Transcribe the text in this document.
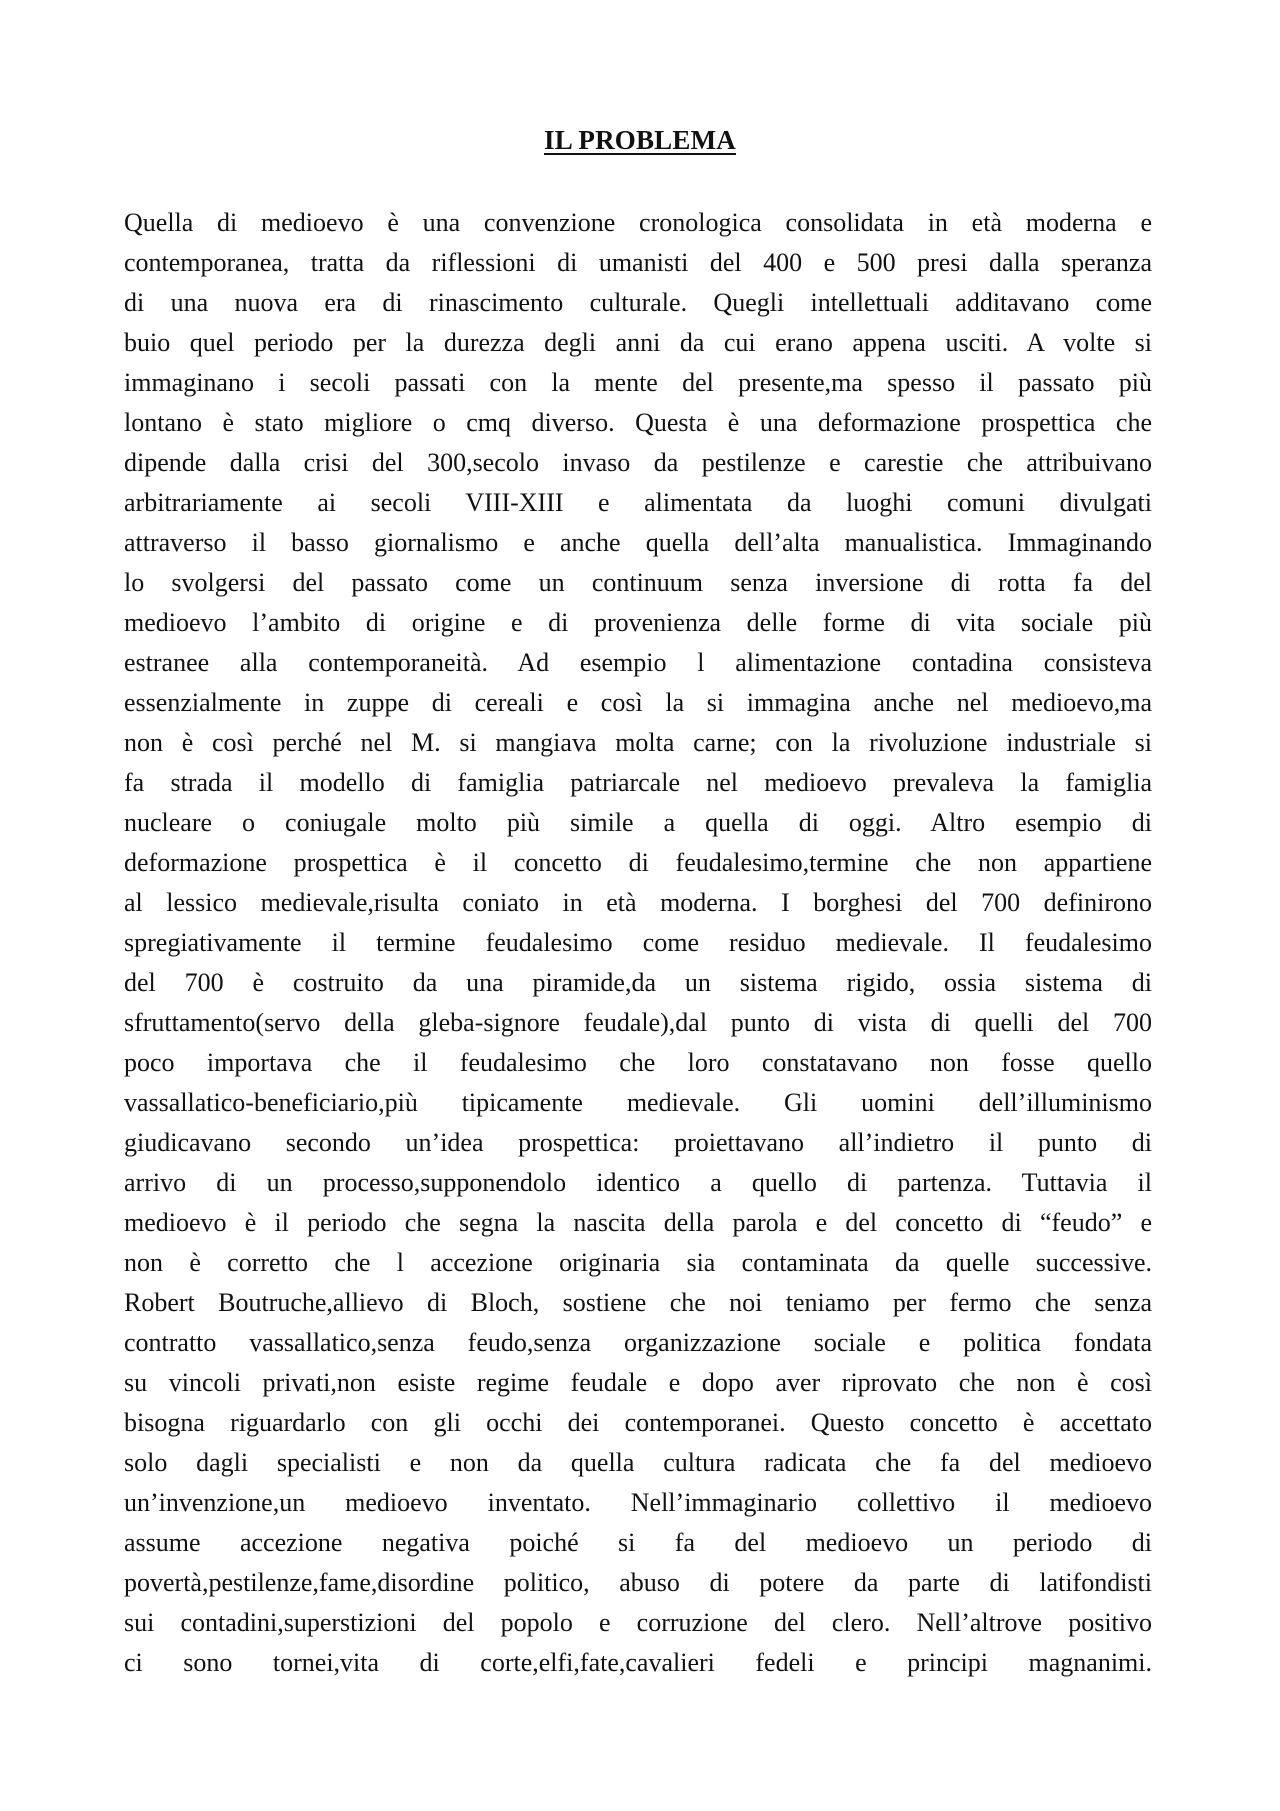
IL PROBLEMA
Quella di medioevo è una convenzione cronologica consolidata in età moderna e
contemporanea, tratta da riflessioni di umanisti del 400 e 500 presi dalla speranza
di una nuova era di rinascimento culturale. Quegli intellettuali additavano come
buio quel periodo per la durezza degli anni da cui erano appena usciti. A volte si
immaginano i secoli passati con la mente del presente,ma spesso il passato più
lontano è stato migliore o cmq diverso. Questa è una deformazione prospettica che
dipende dalla crisi del 300,secolo invaso da pestilenze e carestie che attribuivano
arbitrariamente ai secoli VIII-XIII e alimentata da luoghi comuni divulgati
attraverso il basso giornalismo e anche quella dell’alta manualistica. Immaginando
lo svolgersi del passato come un continuum senza inversione di rotta fa del
medioevo l’ambito di origine e di provenienza delle forme di vita sociale più
estranee alla contemporaneità. Ad esempio l alimentazione contadina consisteva
essenzialmente in zuppe di cereali e così la si immagina anche nel medioevo,ma
non è così perché nel M. si mangiava molta carne; con la rivoluzione industriale si
fa strada il modello di famiglia patriarcale nel medioevo prevaleva la famiglia
nucleare o coniugale molto più simile a quella di oggi. Altro esempio di
deformazione prospettica è il concetto di feudalesimo,termine che non appartiene
al lessico medievale,risulta coniato in età moderna. I borghesi del 700 definirono
spregiativamente il termine feudalesimo come residuo medievale. Il feudalesimo
del 700 è costruito da una piramide,da un sistema rigido, ossia sistema di
sfruttamento(servo della gleba-signore feudale),dal punto di vista di quelli del 700
poco importava che il feudalesimo che loro constatavano non fosse quello
vassallatico-beneficiario,più tipicamente medievale. Gli uomini dell’illuminismo
giudicavano secondo un’idea prospettica: proiettavano all’indietro il punto di
arrivo di un processo,supponendolo identico a quello di partenza. Tuttavia il
medioevo è il periodo che segna la nascita della parola e del concetto di “feudo” e
non è corretto che l accezione originaria sia contaminata da quelle successive.
Robert Boutruche,allievo di Bloch, sostiene che noi teniamo per fermo che senza
contratto vassallatico,senza feudo,senza organizzazione sociale e politica fondata
su vincoli privati,non esiste regime feudale e dopo aver riprovato che non è così
bisogna riguardarlo con gli occhi dei contemporanei. Questo concetto è accettato
solo dagli specialisti e non da quella cultura radicata che fa del medioevo
un’invenzione,un medioevo inventato. Nell’immaginario collettivo il medioevo
assume accezione negativa poiché si fa del medioevo un periodo di
povertà,pestilenze,fame,disordine politico, abuso di potere da parte di latifondisti
sui contadini,superstizioni del popolo e corruzione del clero. Nell’altrove positivo
ci sono tornei,vita di corte,elfi,fate,cavalieri fedeli e principi magnanimi.
